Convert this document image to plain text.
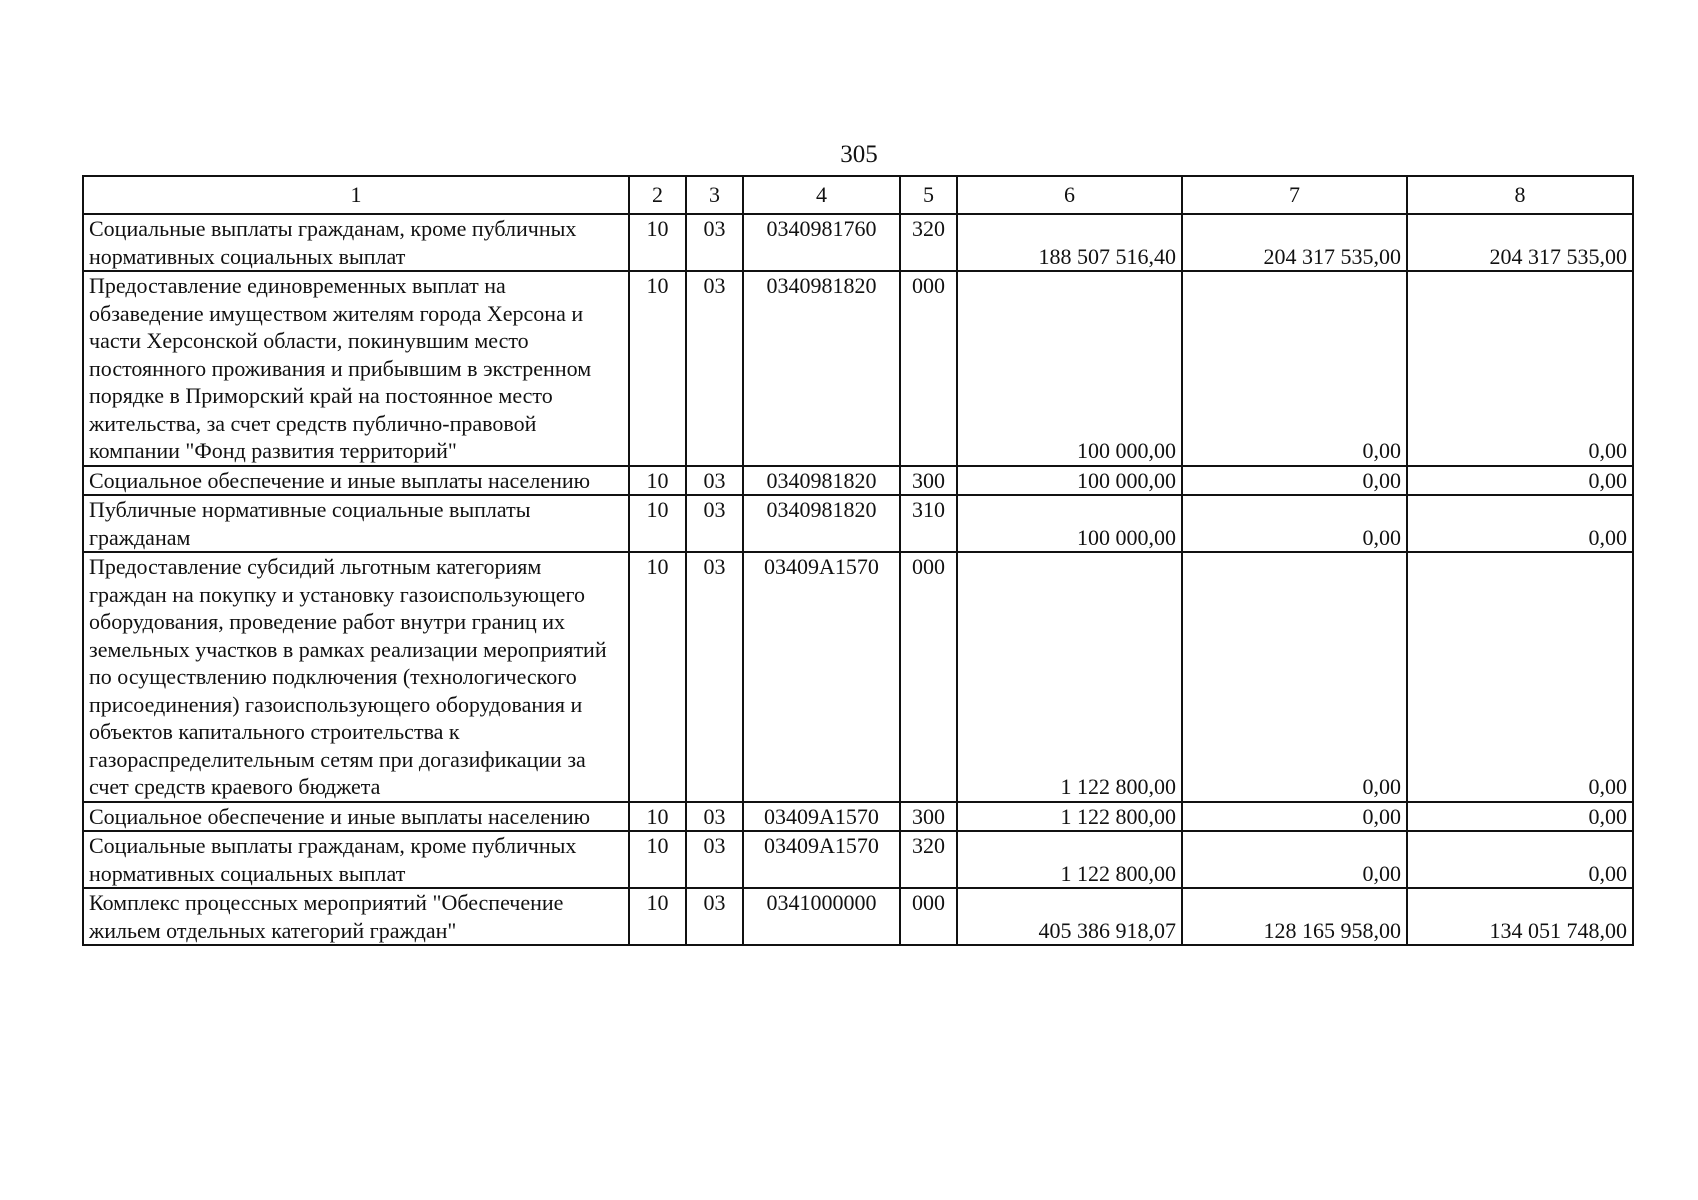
305
1	2	3	4	5	6	7	8
Социальные выплаты гражданам, кроме публичных нормативных социальных выплат	10	03	0340981760	320	188 507 516,40	204 317 535,00	204 317 535,00
Предоставление единовременных выплат на обзаведение имуществом жителям города Херсона и части Херсонской области, покинувшим место постоянного проживания и прибывшим в экстренном порядке в Приморский край на постоянное место жительства, за счет средств публично-правовой компании "Фонд развития территорий"	10	03	0340981820	000	100 000,00	0,00	0,00
Социальное обеспечение и иные выплаты населению	10	03	0340981820	300	100 000,00	0,00	0,00
Публичные нормативные социальные выплаты гражданам	10	03	0340981820	310	100 000,00	0,00	0,00
Предоставление субсидий льготным категориям граждан на покупку и установку газоиспользующего оборудования, проведение работ внутри границ их земельных участков в рамках реализации мероприятий по осуществлению подключения (технологического присоединения) газоиспользующего оборудования и объектов капитального строительства к газораспределительным сетям при догазификации за счет средств краевого бюджета	10	03	03409А1570	000	1 122 800,00	0,00	0,00
Социальное обеспечение и иные выплаты населению	10	03	03409А1570	300	1 122 800,00	0,00	0,00
Социальные выплаты гражданам, кроме публичных нормативных социальных выплат	10	03	03409А1570	320	1 122 800,00	0,00	0,00
Комплекс процессных мероприятий "Обеспечение жильем отдельных категорий граждан"	10	03	0341000000	000	405 386 918,07	128 165 958,00	134 051 748,00
